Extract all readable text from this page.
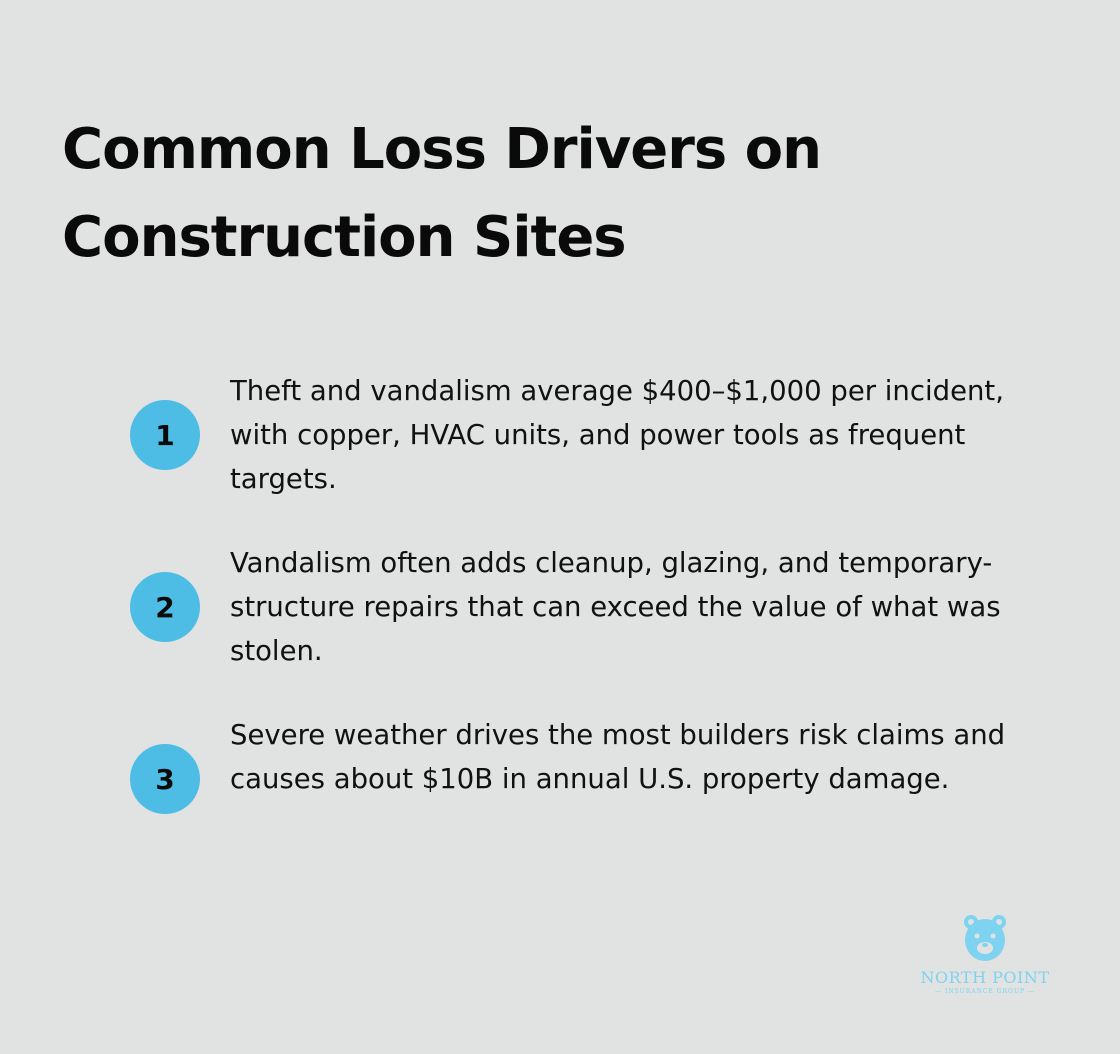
Common Loss Drivers on Construction Sites
1

Theft and vandalism average $400–$1,000 per incident, with copper, HVAC units, and power tools as frequent targets.

2

Vandalism often adds cleanup, glazing, and temporary-structure repairs that can exceed the value of what was stolen.

3

Severe weather drives the most builders risk claims and causes about $10B in annual U.S. property damage.

NORTH POINT
— INSURANCE GROUP —
